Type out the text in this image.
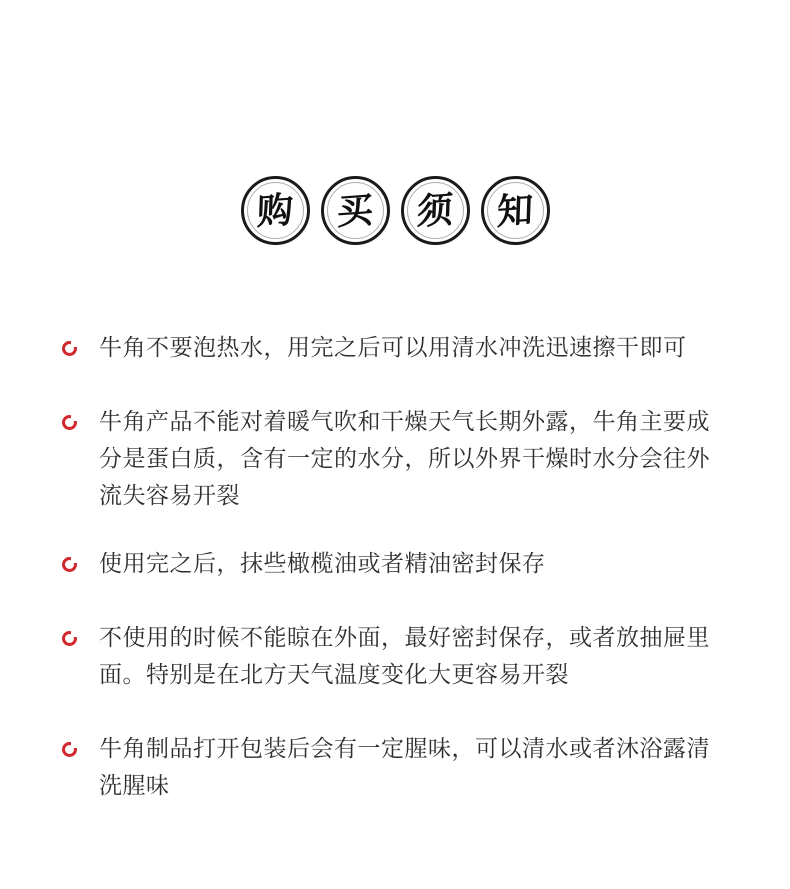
购 买 须 知
牛角不要泡热水，用完之后可以用清水冲洗迅速擦干即可
牛角产品不能对着暖气吹和干燥天气长期外露，牛角主要成分是蛋白质，含有一定的水分，所以外界干燥时水分会往外流失容易开裂
使用完之后，抹些橄榄油或者精油密封保存
不使用的时候不能晾在外面，最好密封保存，或者放抽屉里面。特别是在北方天气温度变化大更容易开裂
牛角制品打开包装后会有一定腥味，可以清水或者沐浴露清洗腥味
